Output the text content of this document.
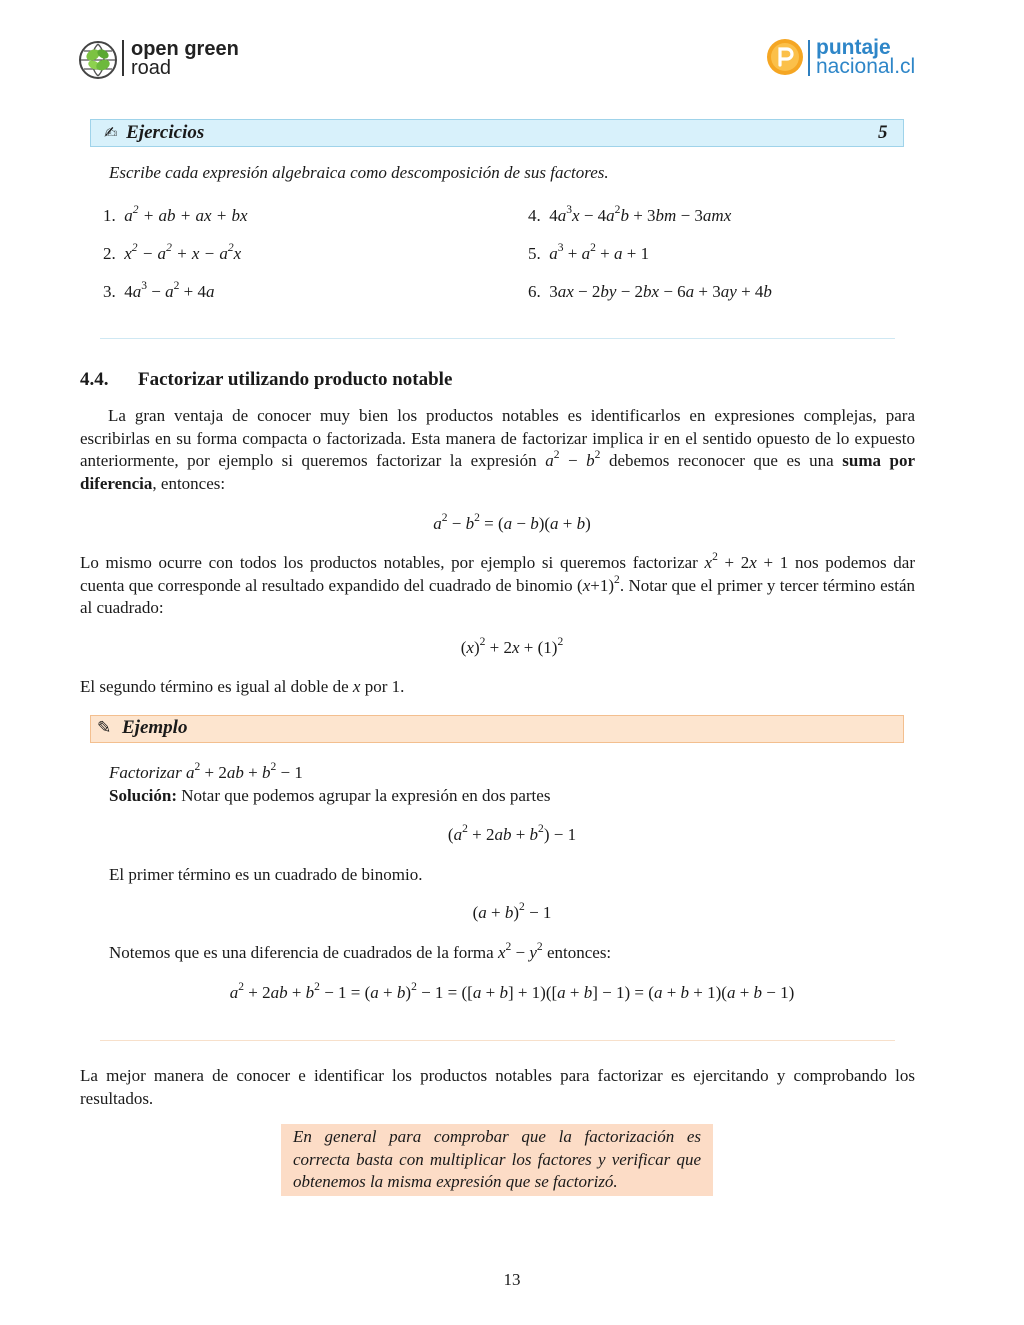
open green
road
puntaje
nacional.cl
✍ Ejercicios	5
Escribe cada expresión algebraica como descomposición de sus factores.
1. $a^2$ + ab + ax + bx
2. $x^2 - a^2 + x - a^2x$
3. $4a^3 - a^2 + 4a$
4. $4a^3x - 4a^2b + 3bm - 3amx$
5. $a^3 + a^2 + a + 1$
6. 3ax − 2by − 2bx − 6a + 3ay + 4b
4.4. Factorizar utilizando producto notable
La gran ventaja de conocer muy bien los productos notables es identificarlos en expresiones complejas, para escribirlas en su forma compacta o factorizada. Esta manera de factorizar implica ir en el sentido opuesto de lo expuesto anteriormente, por ejemplo si queremos factorizar la expresión $a^2 - b^2$ debemos reconocer que es una suma por diferencia, entonces:
$a^2 - b^2 = (a - b)(a + b)$
Lo mismo ocurre con todos los productos notables, por ejemplo si queremos factorizar $x^2 + 2x + 1$ nos podemos dar cuenta que corresponde al resultado expandido del cuadrado de binomio $(x+1)^2$. Notar que el primer y tercer término están al cuadrado:
$(x)^2 + 2x + (1)^2$
El segundo término es igual al doble de x por 1.
✎ Ejemplo
Factorizar $a^2 + 2ab + b^2 - 1$
Solución: Notar que podemos agrupar la expresión en dos partes
$(a^2 + 2ab + b^2) - 1$
El primer término es un cuadrado de binomio.
$(a + b)^2 - 1$
Notemos que es una diferencia de cuadrados de la forma $x^2 - y^2$ entonces:
$a^2 + 2ab + b^2 - 1 = (a + b)^2 - 1 = ([a + b] + 1)([a + b] - 1) = (a + b + 1)(a + b - 1)$
La mejor manera de conocer e identificar los productos notables para factorizar es ejercitando y comprobando los resultados.
En general para comprobar que la factorización es correcta basta con multiplicar los factores y verificar que obtenemos la misma expresión que se factorizó.
13
